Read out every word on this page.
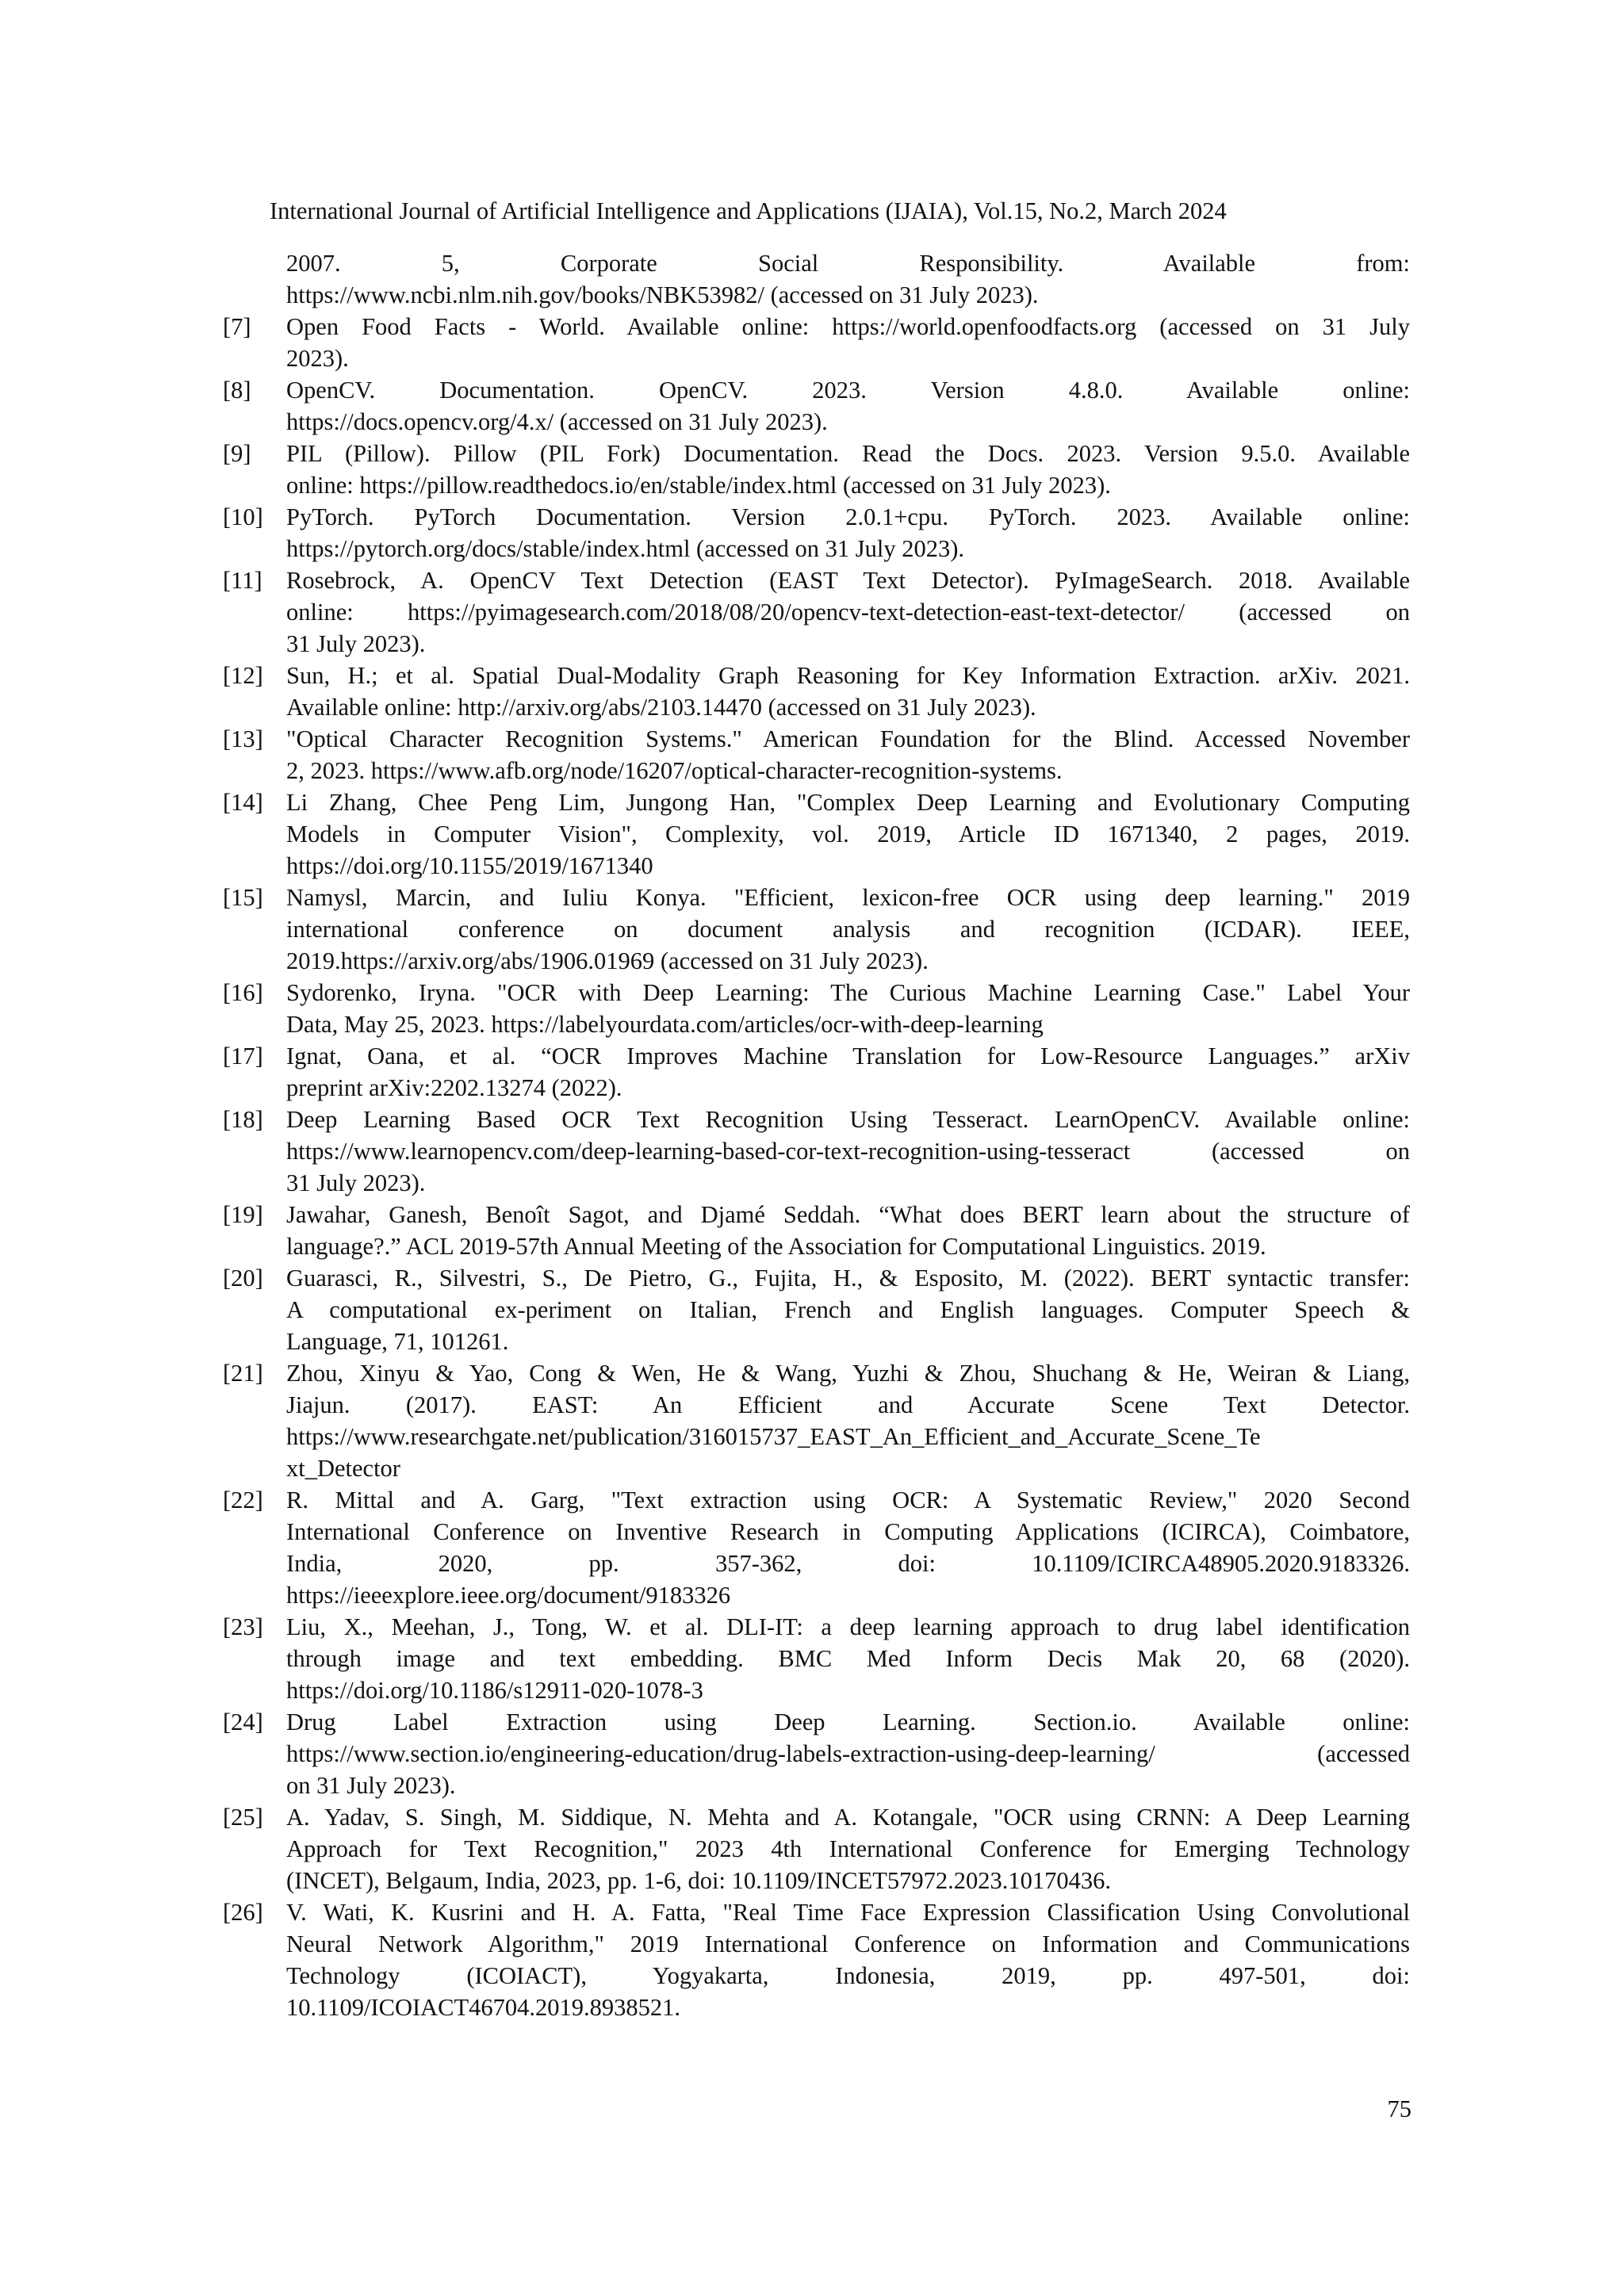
International Journal of Artificial Intelligence and Applications (IJAIA), Vol.15, No.2, March 2024
2007. 5, Corporate Social Responsibility. Available from:
https://www.ncbi.nlm.nih.gov/books/NBK53982/ (accessed on 31 July 2023).
[7]	Open Food Facts - World. Available online: https://world.openfoodfacts.org (accessed on 31 July
2023).
[8]	OpenCV. Documentation. OpenCV. 2023. Version 4.8.0. Available online:
https://docs.opencv.org/4.x/ (accessed on 31 July 2023).
[9]	PIL (Pillow). Pillow (PIL Fork) Documentation. Read the Docs. 2023. Version 9.5.0. Available
online: https://pillow.readthedocs.io/en/stable/index.html (accessed on 31 July 2023).
[10] PyTorch. PyTorch Documentation. Version 2.0.1+cpu. PyTorch. 2023. Available online:
https://pytorch.org/docs/stable/index.html (accessed on 31 July 2023).
[11] Rosebrock, A. OpenCV Text Detection (EAST Text Detector). PyImageSearch. 2018. Available
online: https://pyimagesearch.com/2018/08/20/opencv-text-detection-east-text-detector/ (accessed on
31 July 2023).
[12] Sun, H.; et al. Spatial Dual-Modality Graph Reasoning for Key Information Extraction. arXiv. 2021.
Available online: http://arxiv.org/abs/2103.14470 (accessed on 31 July 2023).
[13] "Optical Character Recognition Systems." American Foundation for the Blind. Accessed November
2, 2023. https://www.afb.org/node/16207/optical-character-recognition-systems.
[14] Li Zhang, Chee Peng Lim, Jungong Han, "Complex Deep Learning and Evolutionary Computing
Models in Computer Vision", Complexity, vol. 2019, Article ID 1671340, 2 pages, 2019.
https://doi.org/10.1155/2019/1671340
[15] Namysl, Marcin, and Iuliu Konya. "Efficient, lexicon-free OCR using deep learning." 2019
international conference on document analysis and recognition (ICDAR). IEEE,
2019.https://arxiv.org/abs/1906.01969 (accessed on 31 July 2023).
[16] Sydorenko, Iryna. "OCR with Deep Learning: The Curious Machine Learning Case." Label Your
Data, May 25, 2023. https://labelyourdata.com/articles/ocr-with-deep-learning
[17] Ignat, Oana, et al. “OCR Improves Machine Translation for Low-Resource Languages.” arXiv
preprint arXiv:2202.13274 (2022).
[18] Deep Learning Based OCR Text Recognition Using Tesseract. LearnOpenCV. Available online:
https://www.learnopencv.com/deep-learning-based-cor-text-recognition-using-tesseract (accessed on
31 July 2023).
[19] Jawahar, Ganesh, Benoît Sagot, and Djamé Seddah. “What does BERT learn about the structure of
language?.” ACL 2019-57th Annual Meeting of the Association for Computational Linguistics. 2019.
[20] Guarasci, R., Silvestri, S., De Pietro, G., Fujita, H., & Esposito, M. (2022). BERT syntactic transfer:
A computational ex-periment on Italian, French and English languages. Computer Speech &
Language, 71, 101261.
[21] Zhou, Xinyu & Yao, Cong & Wen, He & Wang, Yuzhi & Zhou, Shuchang & He, Weiran & Liang,
Jiajun. (2017). EAST: An Efficient and Accurate Scene Text Detector.
https://www.researchgate.net/publication/316015737_EAST_An_Efficient_and_Accurate_Scene_Te
xt_Detector
[22] R. Mittal and A. Garg, "Text extraction using OCR: A Systematic Review," 2020 Second
International Conference on Inventive Research in Computing Applications (ICIRCA), Coimbatore,
India, 2020, pp. 357-362, doi: 10.1109/ICIRCA48905.2020.9183326.
https://ieeexplore.ieee.org/document/9183326
[23] Liu, X., Meehan, J., Tong, W. et al. DLI-IT: a deep learning approach to drug label identification
through image and text embedding. BMC Med Inform Decis Mak 20, 68 (2020).
https://doi.org/10.1186/s12911-020-1078-3
[24] Drug Label Extraction using Deep Learning. Section.io. Available online:
https://www.section.io/engineering-education/drug-labels-extraction-using-deep-learning/ (accessed
on 31 July 2023).
[25] A. Yadav, S. Singh, M. Siddique, N. Mehta and A. Kotangale, "OCR using CRNN: A Deep Learning
Approach for Text Recognition," 2023 4th International Conference for Emerging Technology
(INCET), Belgaum, India, 2023, pp. 1-6, doi: 10.1109/INCET57972.2023.10170436.
[26] V. Wati, K. Kusrini and H. A. Fatta, "Real Time Face Expression Classification Using Convolutional
Neural Network Algorithm," 2019 International Conference on Information and Communications
Technology (ICOIACT), Yogyakarta, Indonesia, 2019, pp. 497-501, doi:
10.1109/ICOIACT46704.2019.8938521.
75
